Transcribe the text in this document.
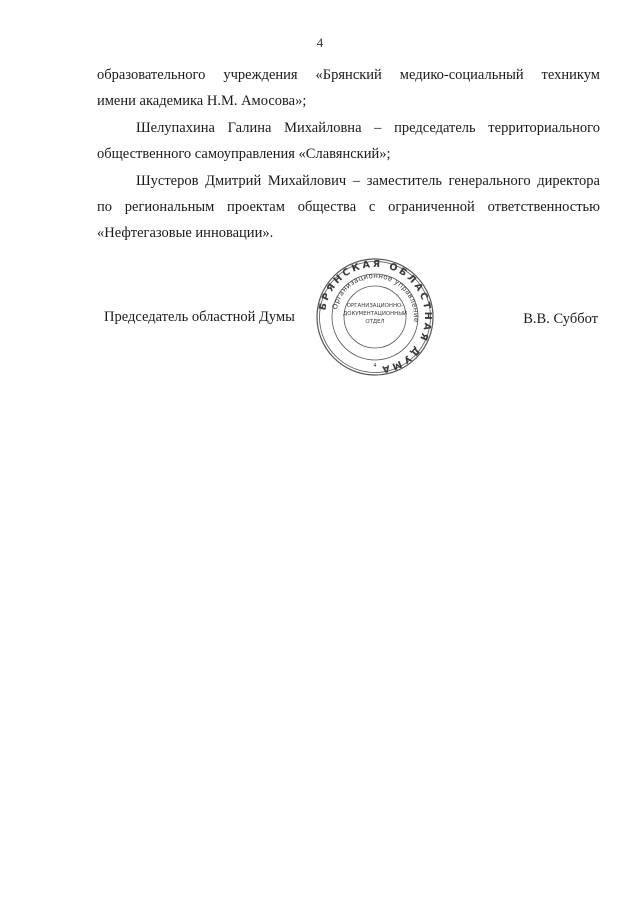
4
образовательного учреждения «Брянский медико-социальный техникум
имени академика Н.М. Амосова»;
Шелупахина Галина Михайловна – председатель территориального
общественного самоуправления «Славянский»;
Шустеров Дмитрий Михайлович – заместитель генерального директора
по региональным проектам общества с ограниченной ответственностью
«Нефтегазовые инновации».
Председатель областной Думы
БРЯНСКАЯ ОБЛАСТНАЯ ДУМА
Организационное управление
ОРГАНИЗАЦИОННО-
ДОКУМЕНТАЦИОННЫЙ
ОТДЕЛ
4
В.В. Суббот
